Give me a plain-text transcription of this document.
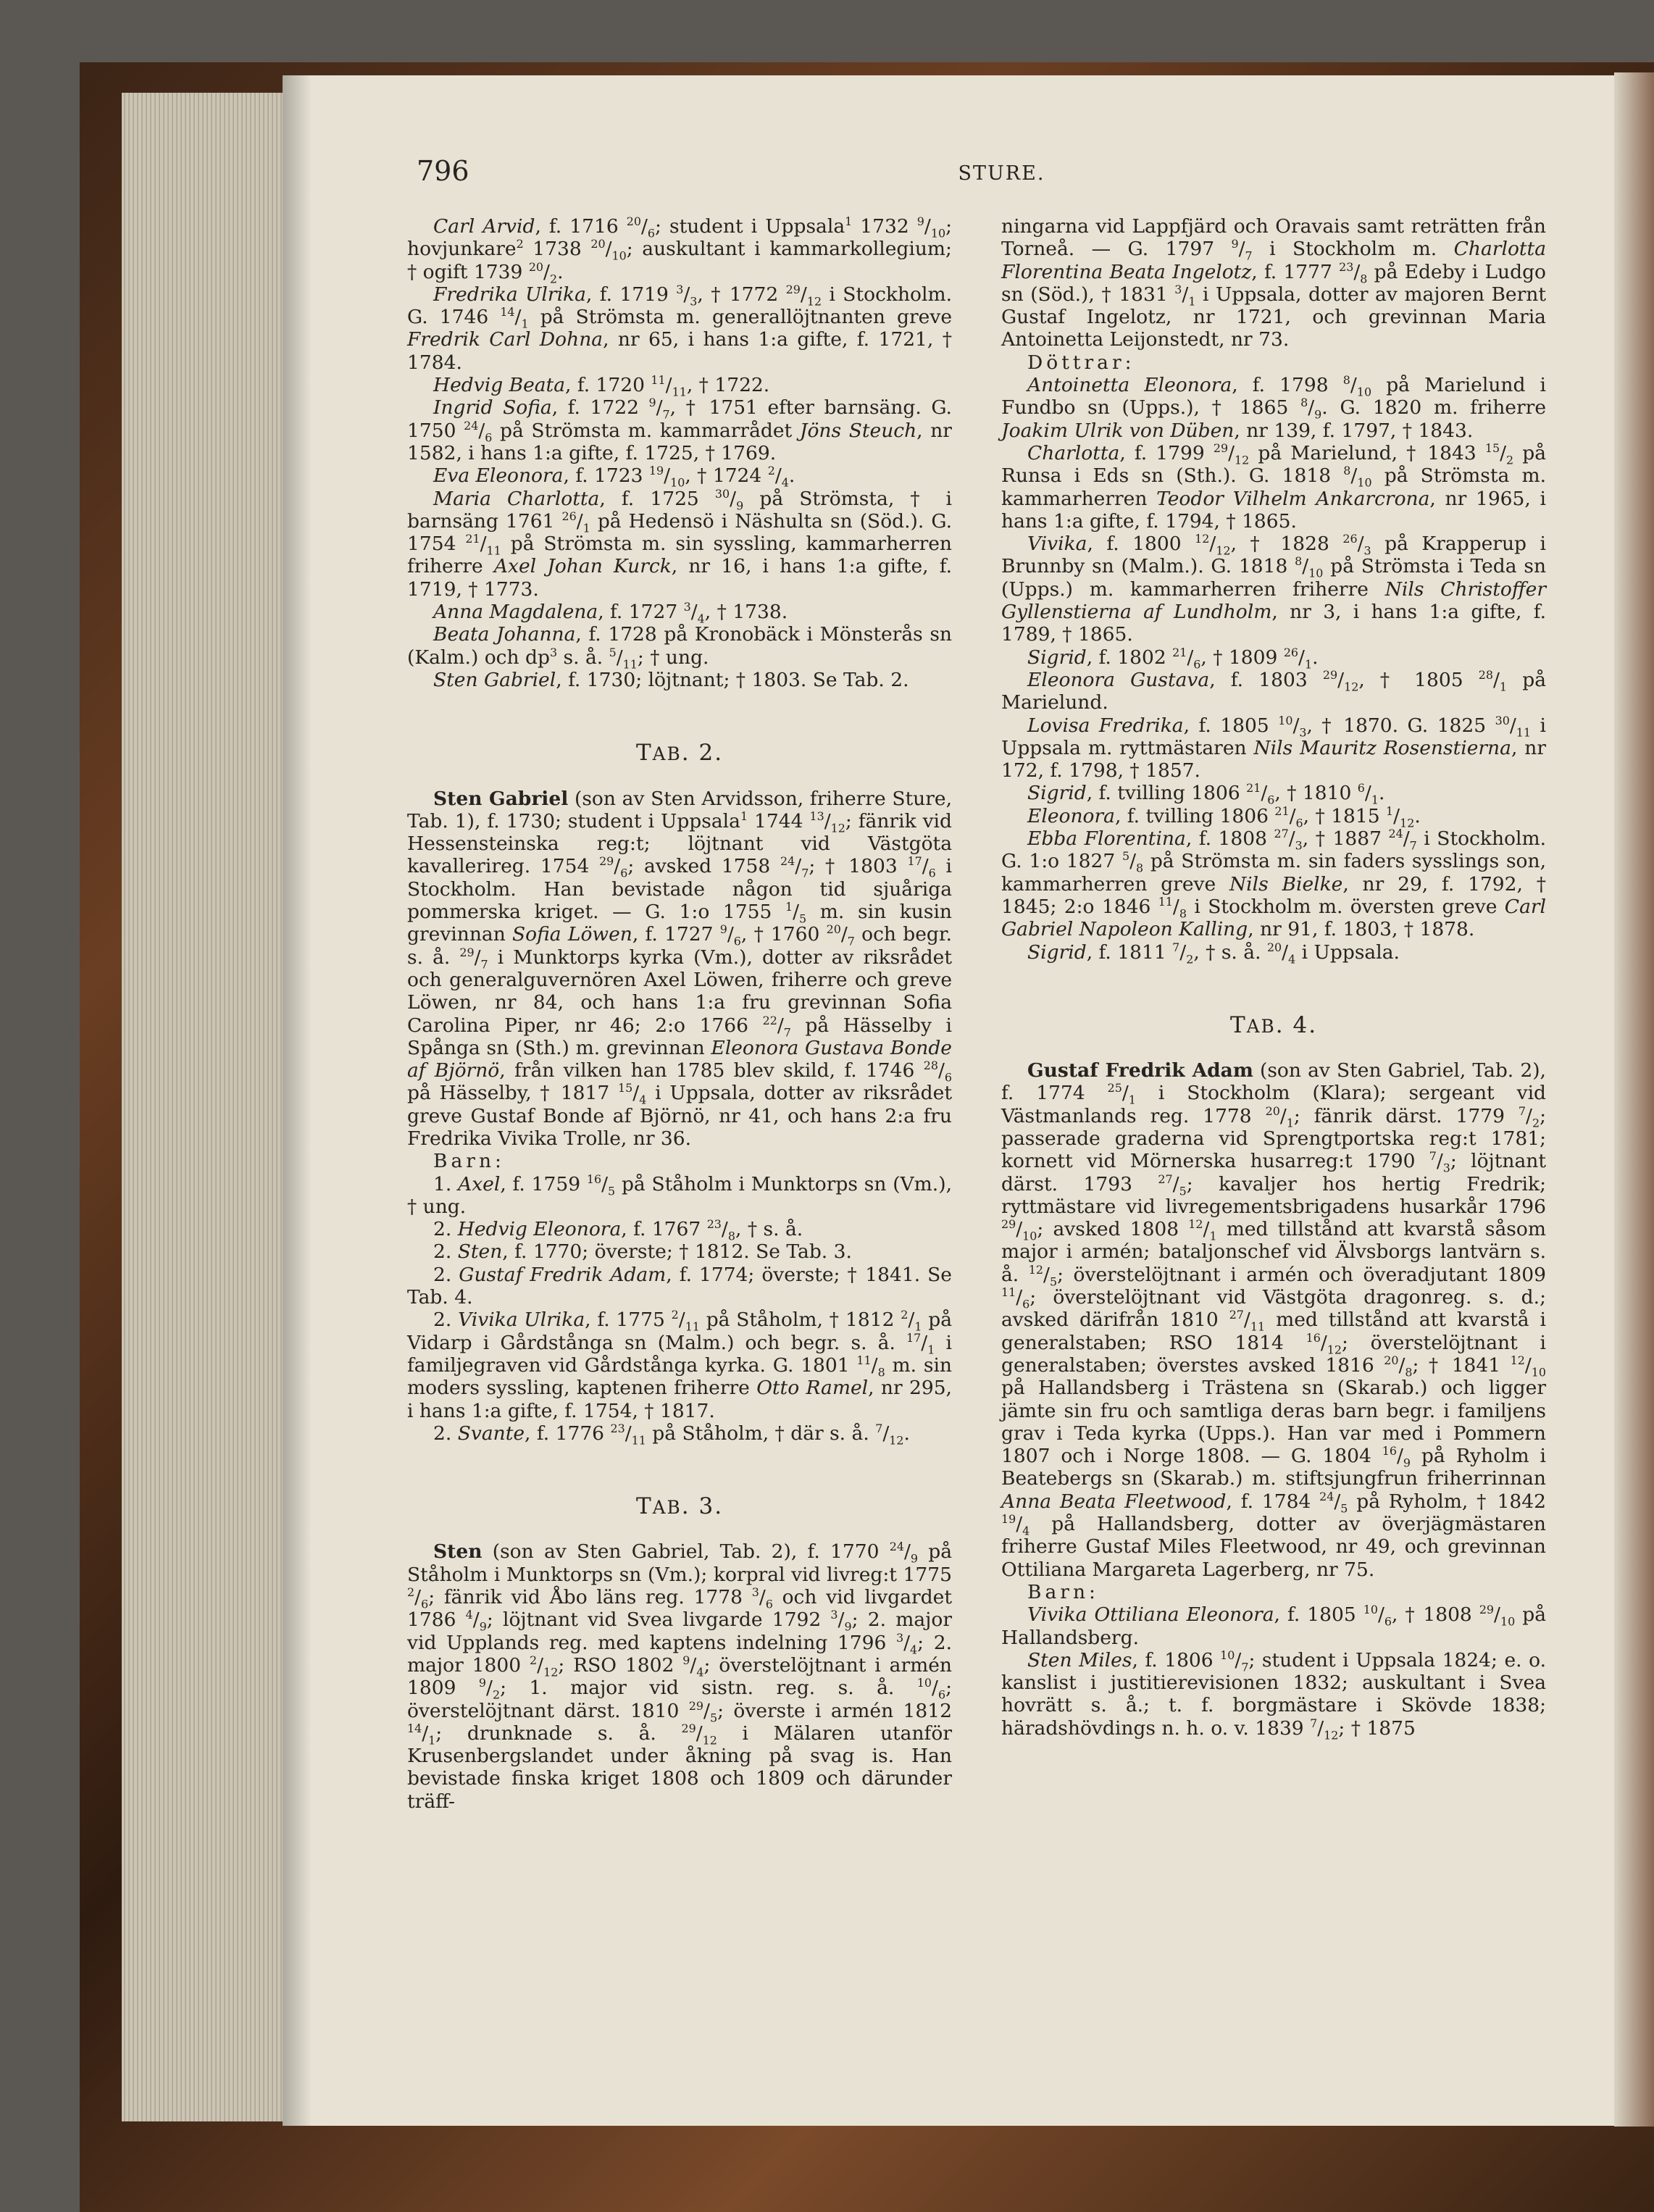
796	STURE.

Carl Arvid, f. 1716 $^{20}/_6$; student i Uppsala$^1$ 1732 $^9/_{10}$; hovjunkare$^2$ 1738 $^{20}/_{10}$; auskultant i kammarkollegium; † ogift 1739 $^{20}/_2$.

Fredrika Ulrika, f. 1719 $^3/_3$, † 1772 $^{29}/_{12}$ i Stockholm. G. 1746 $^{14}/_1$ på Strömsta m. generallöjtnanten greve Fredrik Carl Dohna, nr 65, i hans 1:a gifte, f. 1721, † 1784.

Hedvig Beata, f. 1720 $^{11}/_{11}$, † 1722.

Ingrid Sofia, f. 1722 $^9/_7$, † 1751 efter barnsäng. G. 1750 $^{24}/_6$ på Strömsta m. kammarrådet Jöns Steuch, nr 1582, i hans 1:a gifte, f. 1725, † 1769.

Eva Eleonora, f. 1723 $^{19}/_{10}$, † 1724 $^2/_4$.

Maria Charlotta, f. 1725 $^{30}/_9$ på Strömsta, † i barnsäng 1761 $^{26}/_1$ på Hedensö i Näshulta sn (Söd.). G. 1754 $^{21}/_{11}$ på Strömsta m. sin syssling, kammarherren friherre Axel Johan Kurck, nr 16, i hans 1:a gifte, f. 1719, † 1773.

Anna Magdalena, f. 1727 $^3/_4$, † 1738.

Beata Johanna, f. 1728 på Kronobäck i Mönsterås sn (Kalm.) och $dp^3$ s. å. $^5/_{11}$; † ung.

Sten Gabriel, f. 1730; löjtnant; † 1803. Se Tab. 2.

TAB. 2.

Sten Gabriel (son av Sten Arvidsson, friherre Sture, Tab. 1), f. 1730; student i Uppsala$^1$ 1744 $^{13}/_{12}$; fänrik vid Hessensteinska reg:t; löjtnant vid Västgöta kavallerireg. 1754 $^{29}/_6$; avsked 1758 $^{24}/_7$; † 1803 $^{17}/_6$ i Stockholm. Han bevistade någon tid sjuåriga pommerska kriget. — G. 1:o 1755 $^1/_5$ m. sin kusin grevinnan Sofia Löwen, f. 1727 $^9/_6$, † 1760 $^{20}/_7$ och begr. s. å. $^{29}/_7$ i Munktorps kyrka (Vm.), dotter av riksrådet och generalguvernören Axel Löwen, friherre och greve Löwen, nr 84, och hans 1:a fru grevinnan Sofia Carolina Piper, nr 46; 2:o 1766 $^{22}/_7$ på Hässelby i Spånga sn (Sth.) m. grevinnan Eleonora Gustava Bonde af Björnö, från vilken han 1785 blev skild, f. 1746 $^{28}/_6$ på Hässelby, † 1817 $^{15}/_4$ i Uppsala, dotter av riksrådet greve Gustaf Bonde af Björnö, nr 41, och hans 2:a fru Fredrika Vivika Trolle, nr 36.

Barn:

1. Axel, f. 1759 $^{16}/_5$ på Ståholm i Munktorps sn (Vm.), † ung.

2. Hedvig Eleonora, f. 1767 $^{23}/_8$, † s. å.

2. Sten, f. 1770; överste; † 1812. Se Tab. 3.

2. Gustaf Fredrik Adam, f. 1774; överste; † 1841. Se Tab. 4.

2. Vivika Ulrika, f. 1775 $^2/_{11}$ på Ståholm, † 1812 $^2/_1$ på Vidarp i Gårdstånga sn (Malm.) och begr. s. å. $^{17}/_1$ i familjegraven vid Gårdstånga kyrka. G. 1801 $^{11}/_8$ m. sin moders syssling, kaptenen friherre Otto Ramel, nr 295, i hans 1:a gifte, f. 1754, † 1817.

2. Svante, f. 1776 $^{23}/_{11}$ på Ståholm, † där s. å. $^7/_{12}$.

TAB. 3.

Sten (son av Sten Gabriel, Tab. 2), f. 1770 $^{24}/_9$ på Ståholm i Munktorps sn (Vm.); korpral vid livreg:t 1775 $^2/_6$; fänrik vid Åbo läns reg. 1778 $^3/_6$ och vid livgardet 1786 $^4/_9$; löjtnant vid Svea livgarde 1792 $^3/_9$; 2. major vid Upplands reg. med kaptens indelning 1796 $^3/_4$; 2. major 1800 $^2/_{12}$; RSO 1802 $^9/_4$; överstelöjtnant i armén 1809 $^9/_2$; 1. major vid sistn. reg. s. å. $^{10}/_6$; överstelöjtnant därst. 1810 $^{29}/_5$; överste i armén 1812 $^{14}/_1$; drunknade s. å. $^{29}/_{12}$ i Mälaren utanför Krusenbergslandet under åkning på svag is. Han bevistade finska kriget 1808 och 1809 och därunder träff-

ningarna vid Lappfjärd och Oravais samt reträtten från Torneå. — G. 1797 $^9/_7$ i Stockholm m. Charlotta Florentina Beata Ingelotz, f. 1777 $^{23}/_8$ på Edeby i Ludgo sn (Söd.), † 1831 $^3/_1$ i Uppsala, dotter av majoren Bernt Gustaf Ingelotz, nr 1721, och grevinnan Maria Antoinetta Leijonstedt, nr 73.

Döttrar:

Antoinetta Eleonora, f. 1798 $^8/_{10}$ på Marielund i Fundbo sn (Upps.), † 1865 $^8/_9$. G. 1820 m. friherre Joakim Ulrik von Düben, nr 139, f. 1797, † 1843.

Charlotta, f. 1799 $^{29}/_{12}$ på Marielund, † 1843 $^{15}/_2$ på Runsa i Eds sn (Sth.). G. 1818 $^8/_{10}$ på Strömsta m. kammarherren Teodor Vilhelm Ankarcrona, nr 1965, i hans 1:a gifte, f. 1794, † 1865.

Vivika, f. 1800 $^{12}/_{12}$, † 1828 $^{26}/_3$ på Krapperup i Brunnby sn (Malm.). G. 1818 $^8/_{10}$ på Strömsta i Teda sn (Upps.) m. kammarherren friherre Nils Christoffer Gyllenstierna af Lundholm, nr 3, i hans 1:a gifte, f. 1789, † 1865.

Sigrid, f. 1802 $^{21}/_6$, † 1809 $^{26}/_1$.

Eleonora Gustava, f. 1803 $^{29}/_{12}$, † 1805 $^{28}/_1$ på Marielund.

Lovisa Fredrika, f. 1805 $^{10}/_3$, † 1870. G. 1825 $^{30}/_{11}$ i Uppsala m. ryttmästaren Nils Mauritz Rosenstierna, nr 172, f. 1798, † 1857.

Sigrid, f. tvilling 1806 $^{21}/_6$, † 1810 $^6/_1$.

Eleonora, f. tvilling 1806 $^{21}/_6$, † 1815 $^1/_{12}$.

Ebba Florentina, f. 1808 $^{27}/_3$, † 1887 $^{24}/_7$ i Stockholm. G. 1:o 1827 $^5/_8$ på Strömsta m. sin faders sysslings son, kammarherren greve Nils Bielke, nr 29, f. 1792, † 1845; 2:o 1846 $^{11}/_8$ i Stockholm m. översten greve Carl Gabriel Napoleon Kalling, nr 91, f. 1803, † 1878.

Sigrid, f. 1811 $^7/_2$, † s. å. $^{20}/_4$ i Uppsala.

TAB. 4.

Gustaf Fredrik Adam (son av Sten Gabriel, Tab. 2), f. 1774 $^{25}/_1$ i Stockholm (Klara); sergeant vid Västmanlands reg. 1778 $^{20}/_1$; fänrik därst. 1779 $^7/_2$; passerade graderna vid Sprengtportska reg:t 1781; kornett vid Mörnerska husarreg:t 1790 $^7/_3$; löjtnant därst. 1793 $^{27}/_5$; kavaljer hos hertig Fredrik; ryttmästare vid livregementsbrigadens husarkår 1796 $^{29}/_{10}$; avsked 1808 $^{12}/_1$ med tillstånd att kvarstå såsom major i armén; bataljonschef vid Älvsborgs lantvärn s. å. $^{12}/_5$; överstelöjtnant i armén och överadjutant 1809 $^{11}/_6$; överstelöjtnant vid Västgöta dragonreg. s. d.; avsked därifrån 1810 $^{27}/_{11}$ med tillstånd att kvarstå i generalstaben; RSO 1814 $^{16}/_{12}$; överstelöjtnant i generalstaben; överstes avsked 1816 $^{20}/_8$; † 1841 $^{12}/_{10}$ på Hallandsberg i Trästena sn (Skarab.) och ligger jämte sin fru och samtliga deras barn begr. i familjens grav i Teda kyrka (Upps.). Han var med i Pommern 1807 och i Norge 1808. — G. 1804 $^{16}/_9$ på Ryholm i Beatebergs sn (Skarab.) m. stiftsjungfrun friherrinnan Anna Beata Fleetwood, f. 1784 $^{24}/_5$ på Ryholm, † 1842 $^{19}/_4$ på Hallandsberg, dotter av överjägmästaren friherre Gustaf Miles Fleetwood, nr 49, och grevinnan Ottiliana Margareta Lagerberg, nr 75.

Barn:

Vivika Ottiliana Eleonora, f. 1805 $^{10}/_6$, † 1808 $^{29}/_{10}$ på Hallandsberg.

Sten Miles, f. 1806 $^{10}/_7$; student i Uppsala 1824; e. o. kanslist i justitierevisionen 1832; auskultant i Svea hovrätt s. å.; t. f. borgmästare i Skövde 1838; häradshövdings n. h. o. v. 1839 $^7/_{12}$; † 1875
